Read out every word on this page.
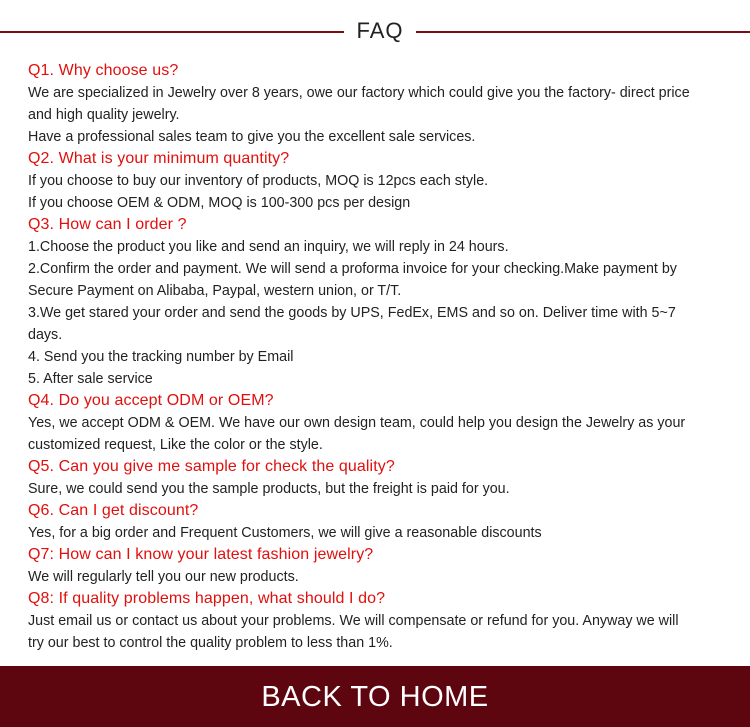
FAQ
Q1. Why choose us?
We are specialized in Jewelry over 8 years, owe our factory which could give you the factory- direct price
and high quality jewelry.
Have a professional sales team to give you the excellent sale services.
Q2. What is your minimum quantity?
If you choose to buy our inventory of products, MOQ is 12pcs each style.
If you choose OEM & ODM, MOQ is 100-300 pcs per design
Q3. How can I order ?
1.Choose the product you like and send an inquiry, we will reply in 24 hours.
2.Confirm the order and payment. We will send a proforma invoice for your checking.Make payment by
Secure Payment on Alibaba, Paypal, western union, or T/T.
3.We get stared your order and send the goods by UPS, FedEx, EMS and so on. Deliver time with 5~7
days.
4. Send you the tracking number by Email
5. After sale service
Q4. Do you accept ODM or OEM?
Yes, we accept ODM & OEM. We have our own design team, could help you design the Jewelry as your
customized request, Like the color or the style.
Q5. Can you give me sample for check the quality?
Sure, we could send you the sample products, but the freight is paid for you.
Q6. Can I get discount?
Yes, for a big order and Frequent Customers, we will give a reasonable discounts
Q7: How can I know your latest fashion jewelry?
We will regularly tell you our new products.
Q8: If quality problems happen, what should I do?
Just email us or contact us about your problems. We will compensate or refund for you. Anyway we will
try our best to control the quality problem to less than 1%.
BACK TO HOME
